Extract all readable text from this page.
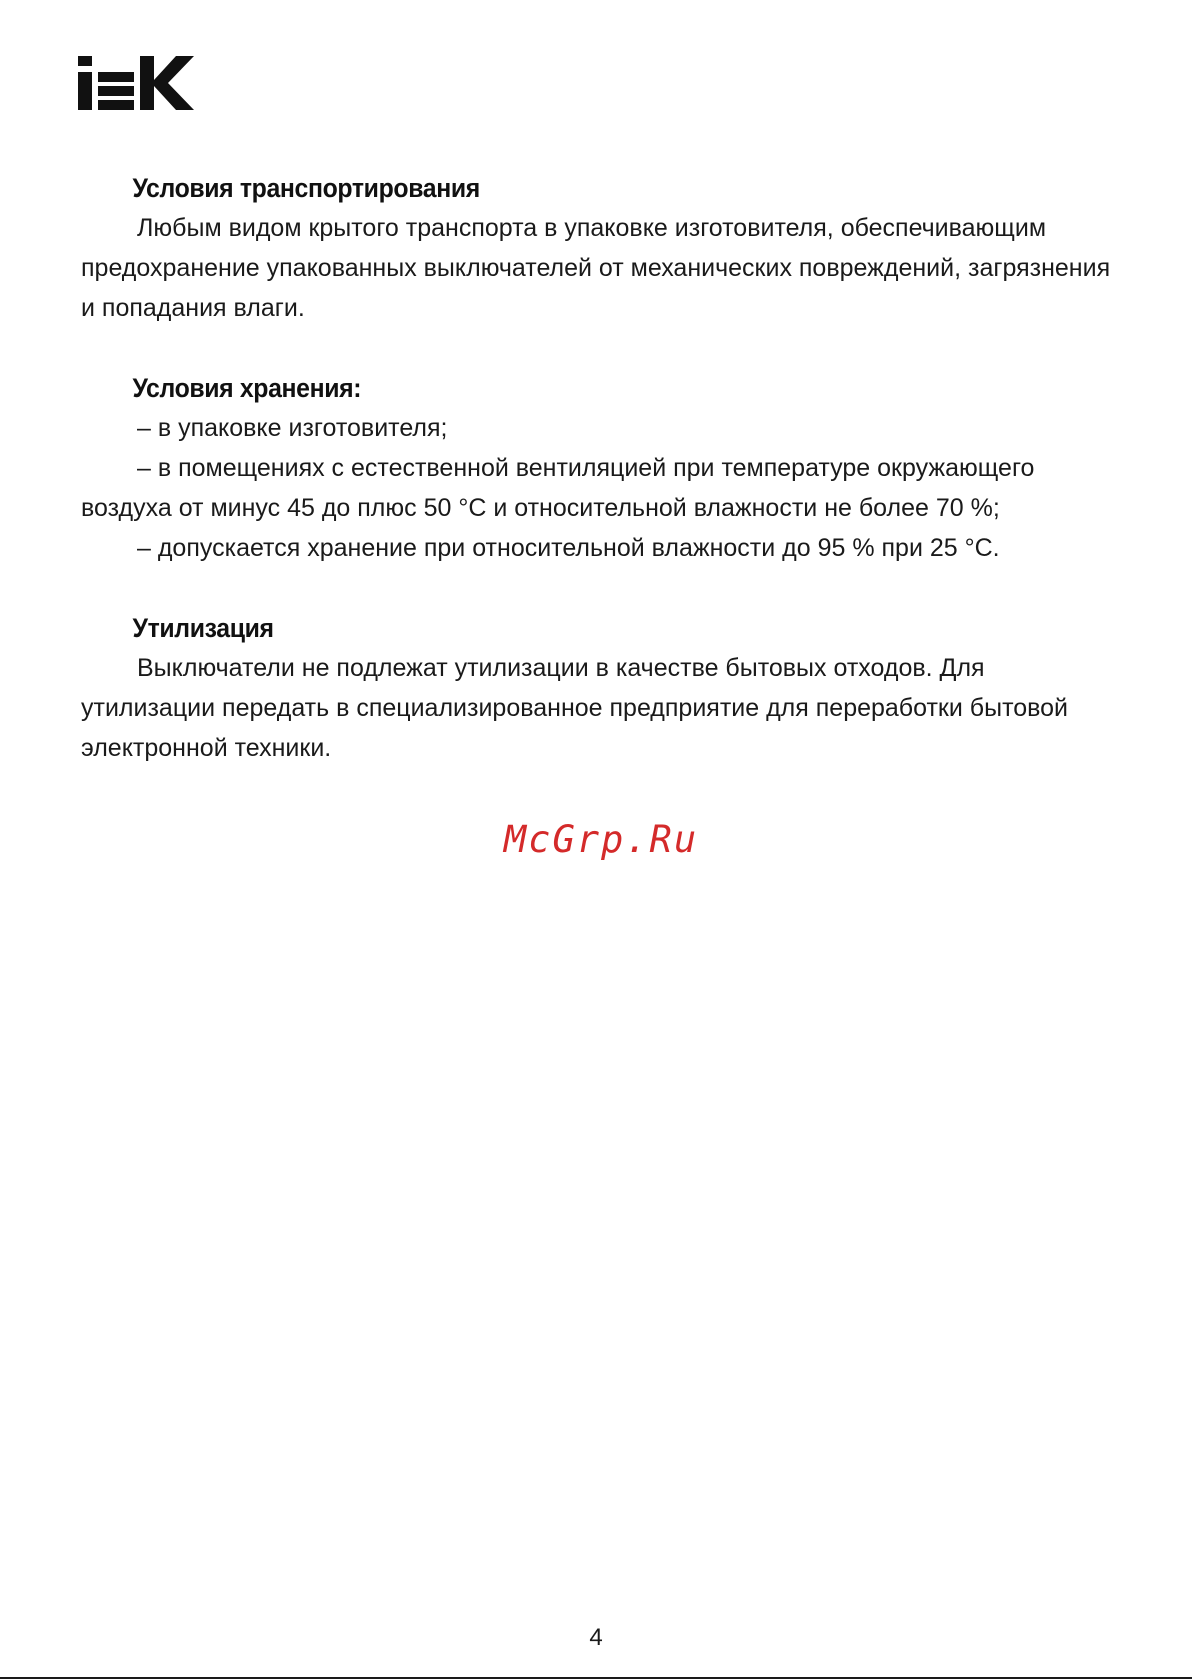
Условия транспортирования

Любым видом крытого транспорта в упаковке изготовителя, обеспечивающим предохранение упакованных выключателей от механических повреждений, загрязнения и попадания влаги.

Условия хранения:

– в упаковке изготовителя;

– в помещениях с естественной вентиляцией при температуре окружающего воздуха от минус 45 до плюс 50 °С и относительной влажности не более 70 %;

– допускается хранение при относительной влажности до 95 % при 25 °С.

Утилизация

Выключатели не подлежат утилизации в качестве бытовых отходов. Для утилизации передать в специализированное предприятие для переработки бытовой электронной техники.

McGrp.Ru
4
